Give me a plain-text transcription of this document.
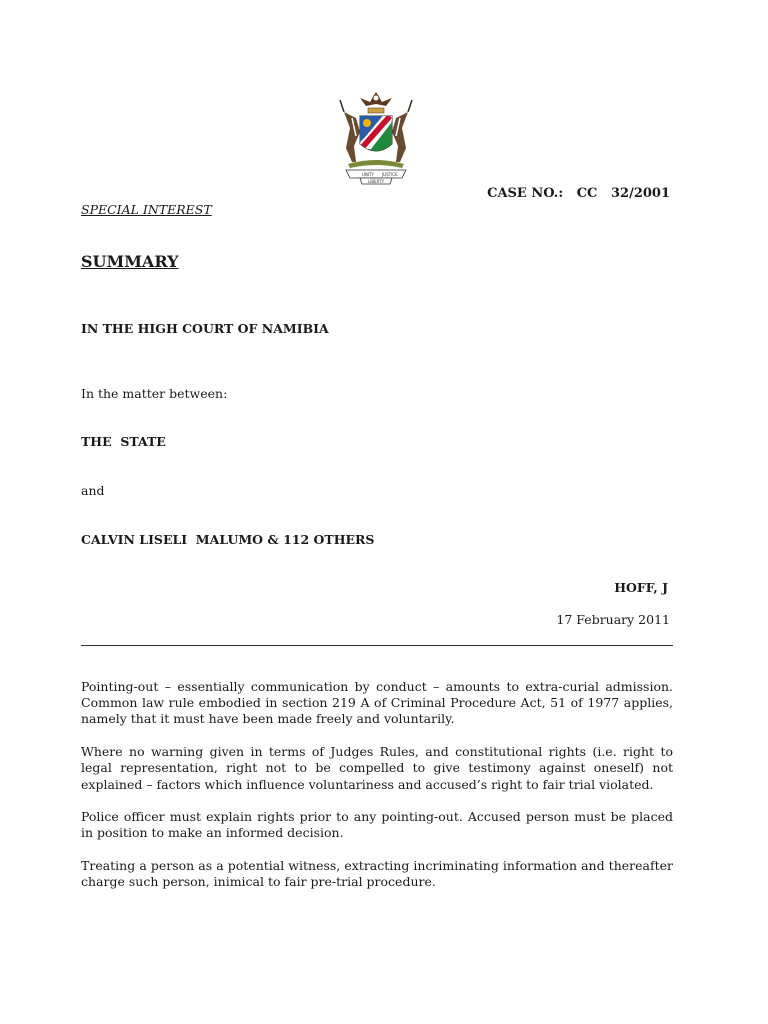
UNITY JUSTICE
LIBERTY
CASE NO.: CC   32/2001
SPECIAL INTEREST
SUMMARY
IN THE HIGH COURT OF NAMIBIA
In the matter between:
THE  STATE
and
CALVIN LISELI  MALUMO & 112 OTHERS
HOFF, J
17 February 2011

Pointing-out – essentially communication by conduct – amounts to extra-curial admission. Common law rule embodied in section 219 A of Criminal Procedure Act, 51 of 1977 applies, namely that it must have been made freely and voluntarily.

Where no warning given in terms of Judges Rules, and constitutional rights (i.e. right to legal representation, right not to be compelled to give testimony against oneself) not explained – factors which influence voluntariness and accused’s right to fair trial violated.

Police officer must explain rights prior to any pointing-out. Accused person must be placed in position to make an informed decision.

Treating a person as a potential witness, extracting incriminating information and thereafter charge such person, inimical to fair pre-trial procedure.
